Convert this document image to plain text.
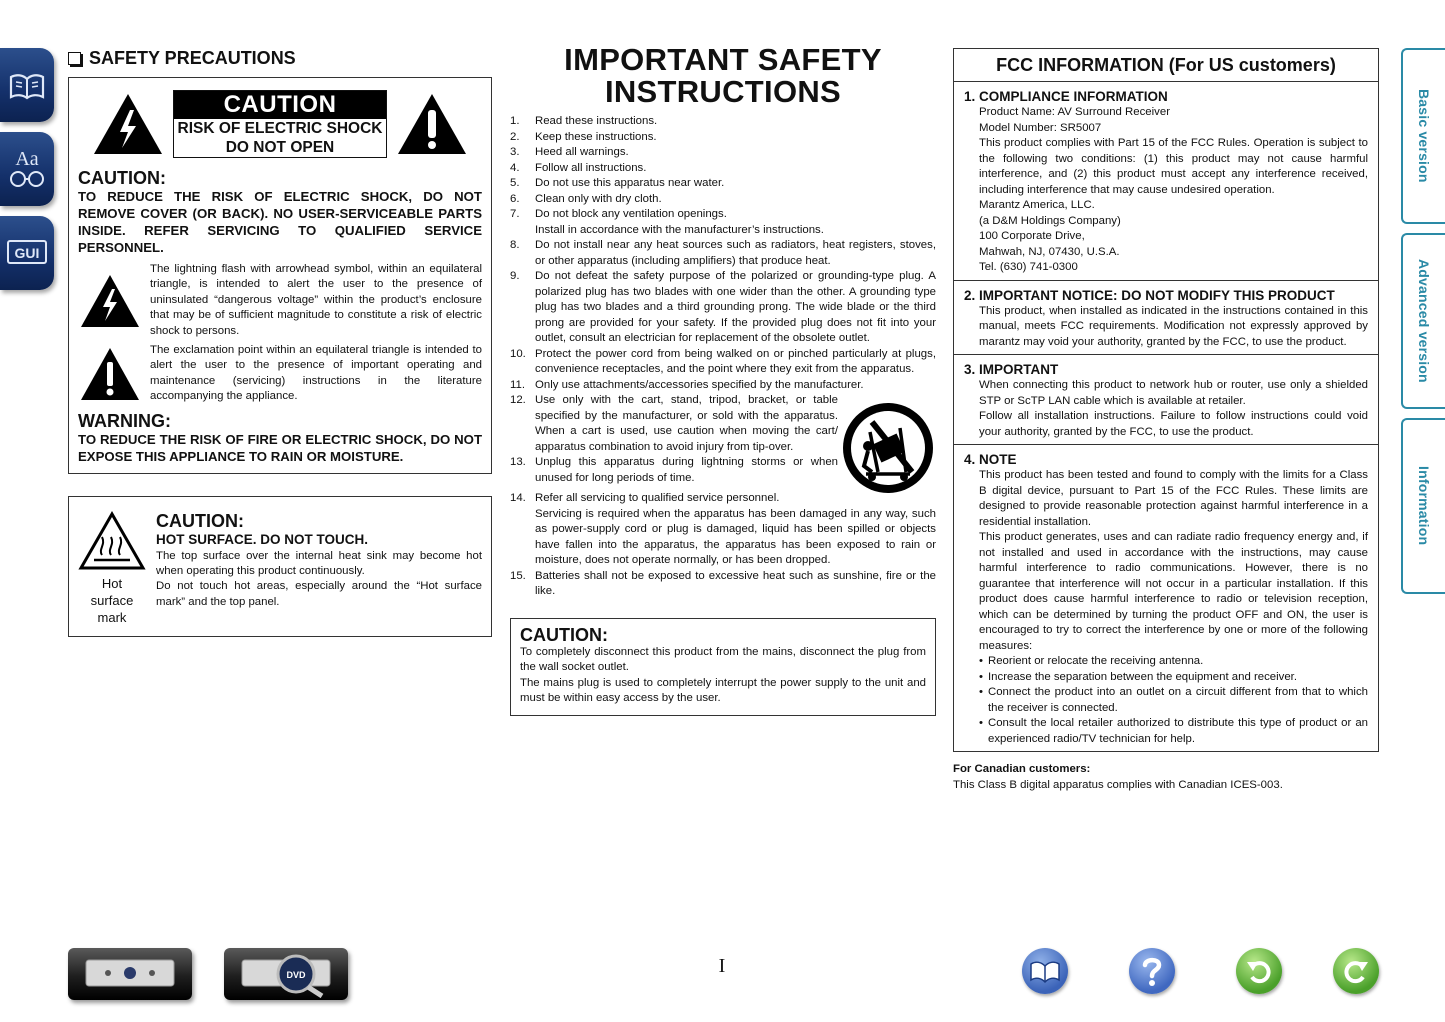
Aa
GUI
Basic version
Advanced version
Information
SAFETY PRECAUTIONS
CAUTION
RISK OF ELECTRIC SHOCK
DO NOT OPEN
CAUTION:

TO REDUCE THE RISK OF ELECTRIC SHOCK, DO NOT REMOVE COVER (OR BACK). NO USER-SERVICEABLE PARTS INSIDE. REFER SERVICING TO QUALIFIED SERVICE PERSONNEL.

The lightning flash with arrowhead symbol, within an equilateral triangle, is intended to alert the user to the presence of uninsulated “dangerous voltage” within the product’s enclosure that may be of sufficient magnitude to constitute a risk of electric shock to persons.

The exclamation point within an equilateral triangle is intended to alert the user to the presence of important operating and maintenance (servicing) instructions in the literature accompanying the appliance.

WARNING:

TO REDUCE THE RISK OF FIRE OR ELECTRIC SHOCK, DO NOT EXPOSE THIS APPLIANCE TO RAIN OR MOISTURE.

Hot
surface
mark
CAUTION:
HOT SURFACE. DO NOT TOUCH.

The top surface over the internal heat sink may become hot when operating this product continuously.

Do not touch hot areas, especially around the “Hot surface mark” and the top panel.

IMPORTANT SAFETY
INSTRUCTIONS
1.	Read these instructions.
2.	Keep these instructions.
3.	Heed all warnings.
4.	Follow all instructions.
5.	Do not use this apparatus near water.
6.	Clean only with dry cloth.
7.	Do not block any ventilation openings.
Install in accordance with the manufacturer’s instructions.
8.	Do not install near any heat sources such as radiators, heat registers, stoves, or other apparatus (including amplifiers) that produce heat.
9.	Do not defeat the safety purpose of the polarized or grounding-type plug. A polarized plug has two blades with one wider than the other. A grounding type plug has two blades and a third grounding prong. The wide blade or the third prong are provided for your safety. If the provided plug does not fit into your outlet, consult an electrician for replacement of the obsolete outlet.
10. Protect the power cord from being walked on or pinched particularly at plugs, convenience receptacles, and the point where they exit from the apparatus.
11. Only use attachments/accessories specified by the manufacturer.
12. Use only with the cart, stand, tripod, bracket, or table specified by the manufacturer, or sold with the apparatus. When a cart is used, use caution when moving the cart/ apparatus combination to avoid injury from tip-over.
13. Unplug this apparatus during lightning storms or when unused for long periods of time.
14. Refer all servicing to qualified service personnel.
Servicing is required when the apparatus has been damaged in any way, such as power-supply cord or plug is damaged, liquid has been spilled or objects have fallen into the apparatus, the apparatus has been exposed to rain or moisture, does not operate normally, or has been dropped.
15. Batteries shall not be exposed to excessive heat such as sunshine, fire or the like.
CAUTION:

To completely disconnect this product from the mains, disconnect the plug from the wall socket outlet.

The mains plug is used to completely interrupt the power supply to the unit and must be within easy access by the user.

FCC INFORMATION (For US customers)
1. COMPLIANCE INFORMATION
Product Name: AV Surround Receiver
Model Number: SR5007
This product complies with Part 15 of the FCC Rules. Operation is subject to the following two conditions: (1) this product may not cause harmful interference, and (2) this product must accept any interference received, including interference that may cause undesired operation.
Marantz America, LLC.
(a D&M Holdings Company)
100 Corporate Drive,
Mahwah, NJ, 07430, U.S.A.
Tel. (630) 741-0300
2. IMPORTANT NOTICE: DO NOT MODIFY THIS PRODUCT
This product, when installed as indicated in the instructions contained in this manual, meets FCC requirements. Modification not expressly approved by marantz may void your authority, granted by the FCC, to use the product.
3. IMPORTANT
When connecting this product to network hub or router, use only a shielded STP or ScTP LAN cable which is available at retailer.
Follow all installation instructions. Failure to follow instructions could void your authority, granted by the FCC, to use the product.
4. NOTE
This product has been tested and found to comply with the limits for a Class B digital device, pursuant to Part 15 of the FCC Rules. These limits are designed to provide reasonable protection against harmful interference in a residential installation.
This product generates, uses and can radiate radio frequency energy and, if not installed and used in accordance with the instructions, may cause harmful interference to radio communications. However, there is no guarantee that interference will not occur in a particular installation. If this product does cause harmful interference to radio or television reception, which can be determined by turning the product OFF and ON, the user is encouraged to try to correct the interference by one or more of the following measures:
• Reorient or relocate the receiving antenna.
• Increase the separation between the equipment and receiver.
• Connect the product into an outlet on a circuit different from that to which the receiver is connected.
• Consult the local retailer authorized to distribute this type of product or an experienced radio/TV technician for help.
For Canadian customers:
This Class B digital apparatus complies with Canadian ICES-003.
DVD	I
